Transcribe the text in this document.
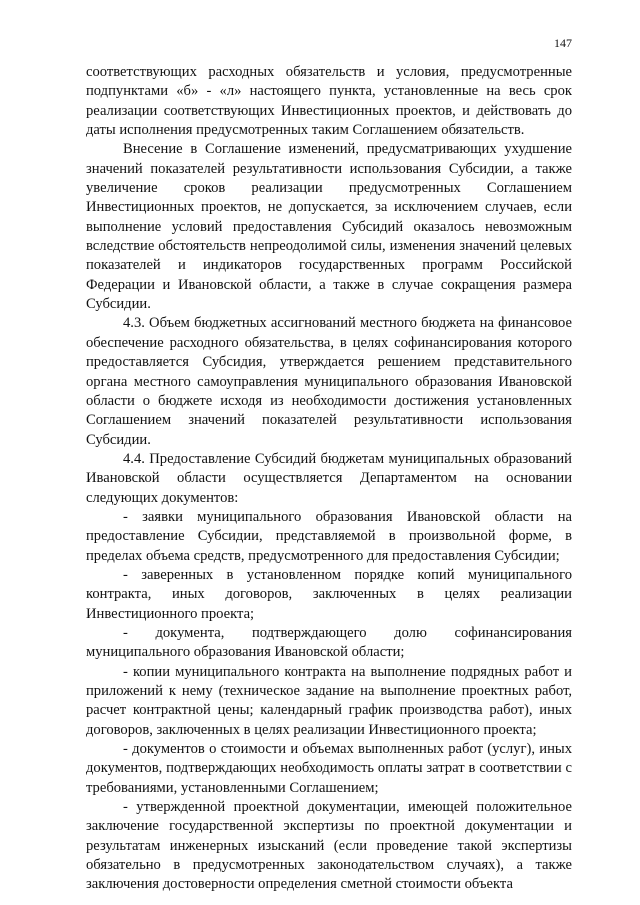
147

соответствующих расходных обязательств и условия, предусмотренные подпунктами «б» - «л» настоящего пункта, установленные на весь срок реализации соответствующих Инвестиционных проектов, и действовать до даты исполнения предусмотренных таким Соглашением обязательств.

Внесение в Соглашение изменений, предусматривающих ухудшение значений показателей результативности использования Субсидии, а также увеличение сроков реализации предусмотренных Соглашением Инвестиционных проектов, не допускается, за исключением случаев, если выполнение условий предоставления Субсидий оказалось невозможным вследствие обстоятельств непреодолимой силы, изменения значений целевых показателей и индикаторов государственных программ Российской Федерации и Ивановской области, а также в случае сокращения размера Субсидии.

4.3. Объем бюджетных ассигнований местного бюджета на финансовое обеспечение расходного обязательства, в целях софинансирования которого предоставляется Субсидия, утверждается решением представительного органа местного самоуправления муниципального образования Ивановской области о бюджете исходя из необходимости достижения установленных Соглашением значений показателей результативности использования Субсидии.

4.4. Предоставление Субсидий бюджетам муниципальных образований Ивановской области осуществляется Департаментом на основании следующих документов:

- заявки муниципального образования Ивановской области на предоставление Субсидии, представляемой в произвольной форме, в пределах объема средств, предусмотренного для предоставления Субсидии;

- заверенных в установленном порядке копий муниципального контракта, иных договоров, заключенных в целях реализации Инвестиционного проекта;

- документа, подтверждающего долю софинансирования муниципального образования Ивановской области;

- копии муниципального контракта на выполнение подрядных работ и приложений к нему (техническое задание на выполнение проектных работ, расчет контрактной цены; календарный график производства работ), иных договоров, заключенных в целях реализации Инвестиционного проекта;

- документов о стоимости и объемах выполненных работ (услуг), иных документов, подтверждающих необходимость оплаты затрат в соответствии с требованиями, установленными Соглашением;

- утвержденной проектной документации, имеющей положительное заключение государственной экспертизы по проектной документации и результатам инженерных изысканий (если проведение такой экспертизы обязательно в предусмотренных законодательством случаях), а также заключения достоверности определения сметной стоимости объекта
